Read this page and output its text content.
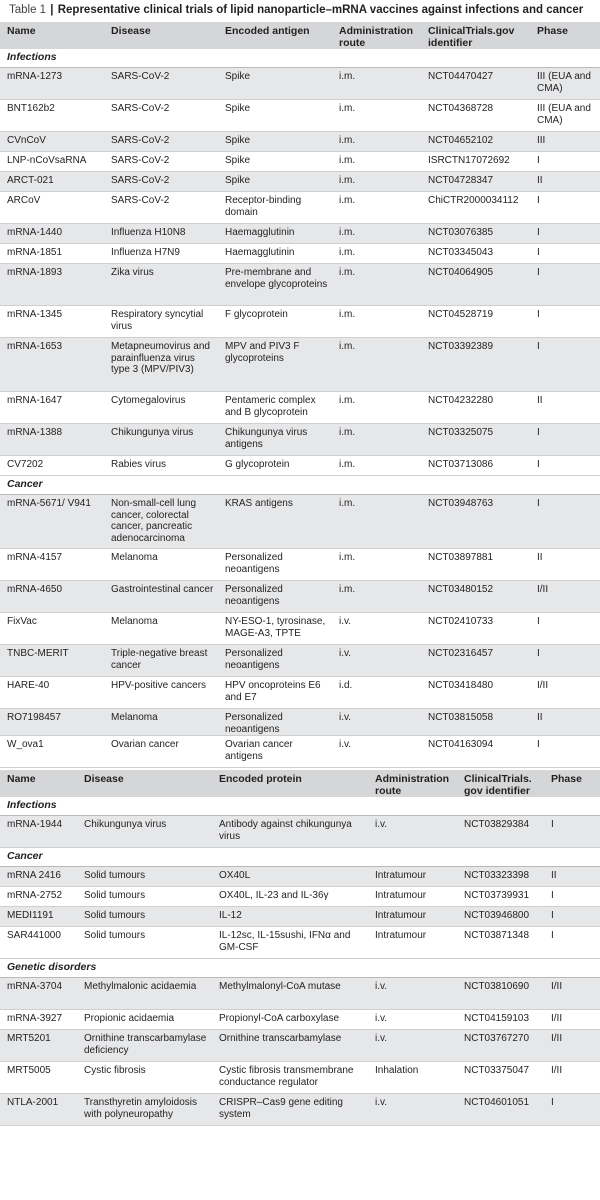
Table 1 | Representative clinical trials of lipid nanoparticle–mRNA vaccines against infections and cancer
Name	Disease	Encoded antigen	Administration route	ClinicalTrials.gov identifier	Phase
Infections					
mRNA-1273	SARS-CoV-2	Spike	i.m.	NCT04470427	III (EUA and CMA)
BNT162b2	SARS-CoV-2	Spike	i.m.	NCT04368728	III (EUA and CMA)
CVnCoV	SARS-CoV-2	Spike	i.m.	NCT04652102	III
LNP-nCoVsaRNA	SARS-CoV-2	Spike	i.m.	ISRCTN17072692	I
ARCT-021	SARS-CoV-2	Spike	i.m.	NCT04728347	II
ARCoV	SARS-CoV-2	Receptor-binding domain	i.m.	ChiCTR2000034112	I
mRNA-1440	Influenza H10N8	Haemagglutinin	i.m.	NCT03076385	I
mRNA-1851	Influenza H7N9	Haemagglutinin	i.m.	NCT03345043	I
mRNA-1893	Zika virus	Pre-membrane and envelope glycoproteins	i.m.	NCT04064905	I
mRNA-1345	Respiratory syncytial virus	F glycoprotein	i.m.	NCT04528719	I
mRNA-1653	Metapneumovirus and parainfluenza virus type 3 (MPV/PIV3)	MPV and PIV3 F glycoproteins	i.m.	NCT03392389	I
mRNA-1647	Cytomegalovirus	Pentameric complex and B glycoprotein	i.m.	NCT04232280	II
mRNA-1388	Chikungunya virus	Chikungunya virus antigens	i.m.	NCT03325075	I
CV7202	Rabies virus	G glycoprotein	i.m.	NCT03713086	I
Cancer					
mRNA-5671/ V941	Non-small-cell lung cancer, colorectal cancer, pancreatic adenocarcinoma	KRAS antigens	i.m.	NCT03948763	I
mRNA-4157	Melanoma	Personalized neoantigens	i.m.	NCT03897881	II
mRNA-4650	Gastrointestinal cancer	Personalized neoantigens	i.m.	NCT03480152	I/II
FixVac	Melanoma	NY-ESO-1, tyrosinase, MAGE-A3, TPTE	i.v.	NCT02410733	I
TNBC-MERIT	Triple-negative breast cancer	Personalized neoantigens	i.v.	NCT02316457	I
HARE-40	HPV-positive cancers	HPV oncoproteins E6 and E7	i.d.	NCT03418480	I/II
RO7198457	Melanoma	Personalized neoantigens	i.v.	NCT03815058	II
W_ova1	Ovarian cancer	Ovarian cancer antigens	i.v.	NCT04163094	I
Name	Disease	Encoded protein	Administration route	ClinicalTrials. gov identifier	Phase
Infections					
mRNA-1944	Chikungunya virus	Antibody against chikungunya virus	i.v.	NCT03829384	I
Cancer					
mRNA 2416	Solid tumours	OX40L	Intratumour	NCT03323398	II
mRNA-2752	Solid tumours	OX40L, IL-23 and IL-36γ	Intratumour	NCT03739931	I
MEDI1191	Solid tumours	IL-12	Intratumour	NCT03946800	I
SAR441000	Solid tumours	IL-12sc, IL-15sushi, IFNα and GM-CSF	Intratumour	NCT03871348	I
Genetic disorders					
mRNA-3704	Methylmalonic acidaemia	Methylmalonyl-CoA mutase	i.v.	NCT03810690	I/II
mRNA-3927	Propionic acidaemia	Propionyl-CoA carboxylase	i.v.	NCT04159103	I/II
MRT5201	Ornithine transcarbamylase deficiency	Ornithine transcarbamylase	i.v.	NCT03767270	I/II
MRT5005	Cystic fibrosis	Cystic fibrosis transmembrane conductance regulator	Inhalation	NCT03375047	I/II
NTLA-2001	Transthyretin amyloidosis with polyneuropathy	CRISPR–Cas9 gene editing system	i.v.	NCT04601051	I
